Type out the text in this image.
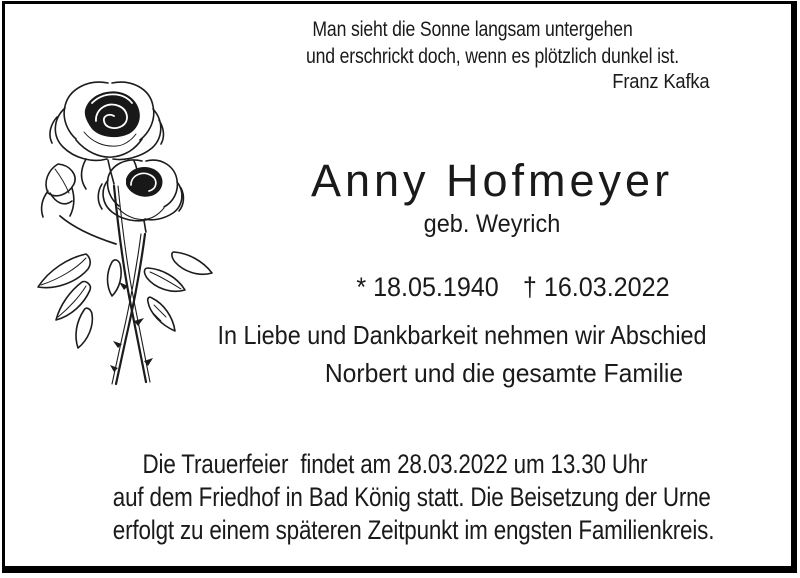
Man sieht die Sonne langsam untergehen
und erschrickt doch, wenn es plötzlich dunkel ist.
Franz Kafka
Anny Hofmeyer
geb. Weyrich

* 18.05.1940 † 16.03.2022

In Liebe und Dankbarkeit nehmen wir Abschied
Norbert und die gesamte Familie
Die Trauerfeier  findet am 28.03.2022 um 13.30 Uhr
auf dem Friedhof in Bad König statt. Die Beisetzung der Urne
erfolgt zu einem späteren Zeitpunkt im engsten Familienkreis.
